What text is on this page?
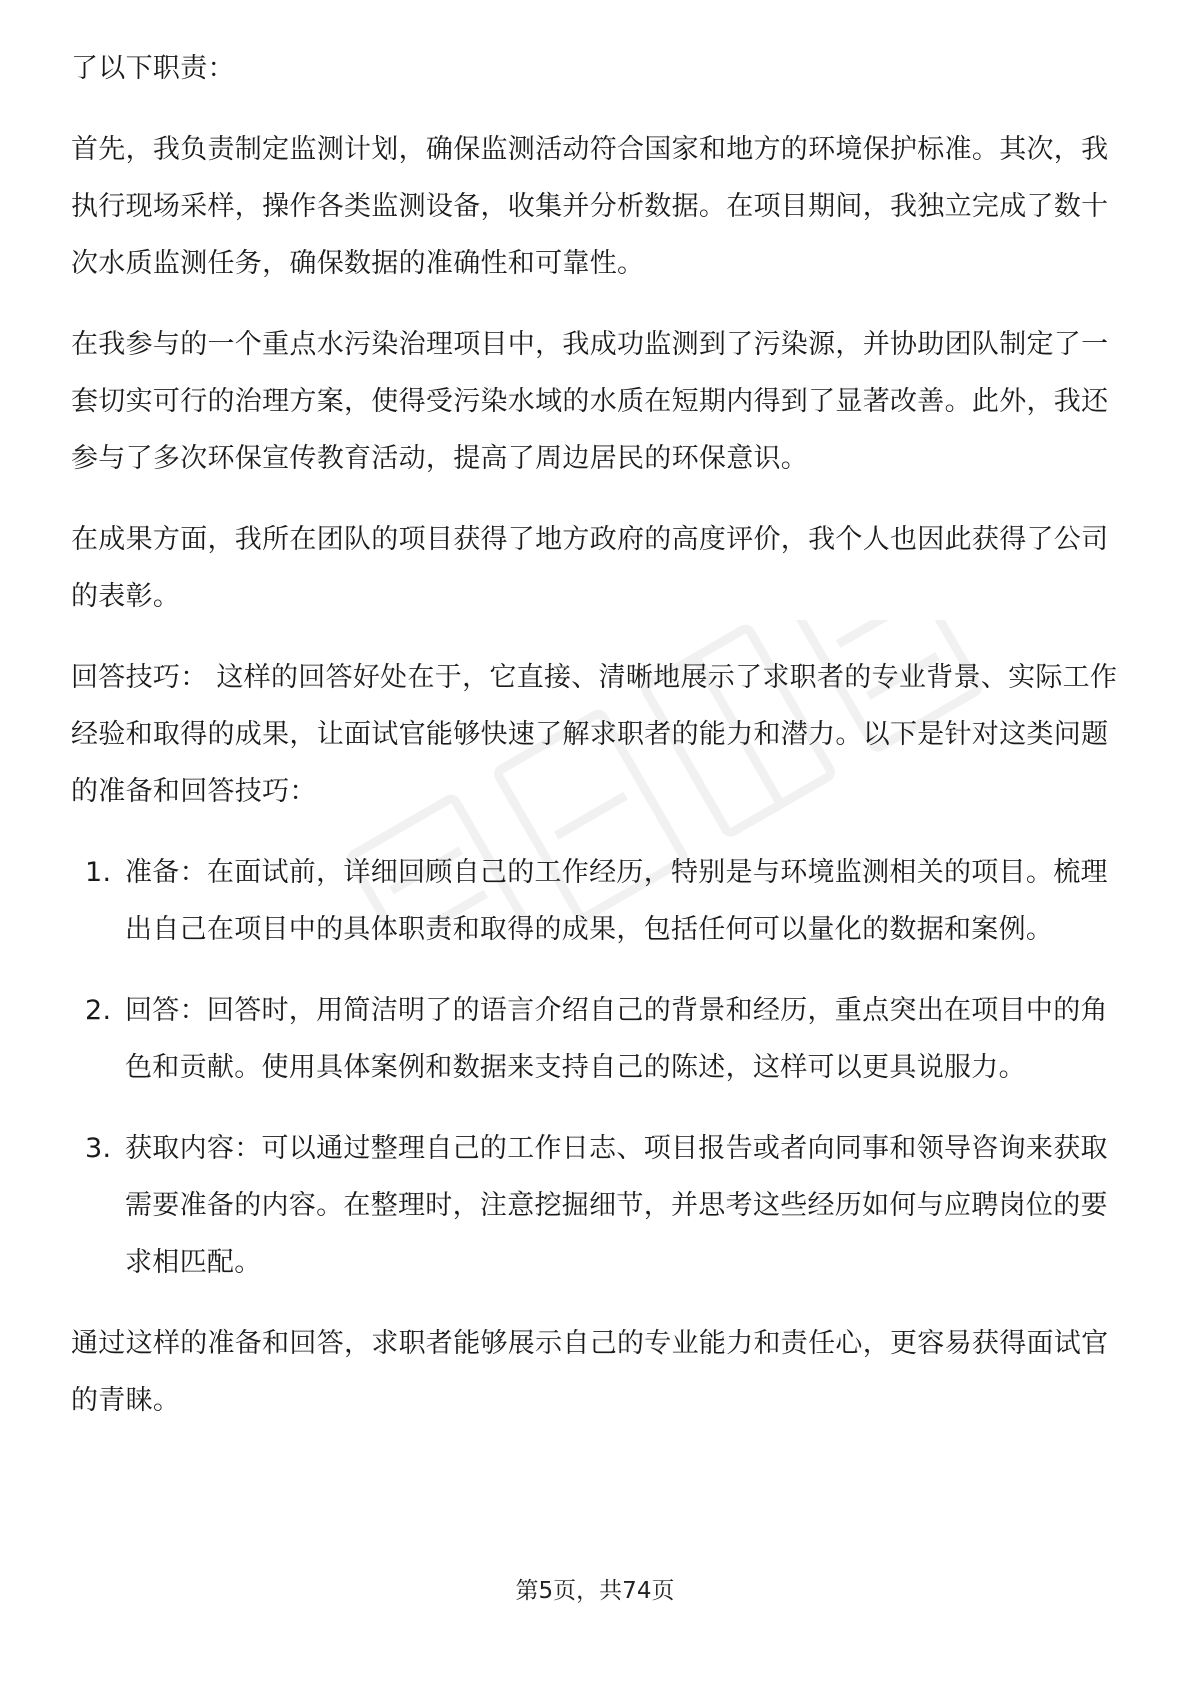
了以下职责：

首先，我负责制定监测计划，确保监测活动符合国家和地方的环境保护标准。其次，我执行现场采样，操作各类监测设备，收集并分析数据。在项目期间，我独立完成了数十次水质监测任务，确保数据的准确性和可靠性。

在我参与的一个重点水污染治理项目中，我成功监测到了污染源，并协助团队制定了一套切实可行的治理方案，使得受污染水域的水质在短期内得到了显著改善。此外，我还参与了多次环保宣传教育活动，提高了周边居民的环保意识。

在成果方面，我所在团队的项目获得了地方政府的高度评价，我个人也因此获得了公司的表彰。

回答技巧： 这样的回答好处在于，它直接、清晰地展示了求职者的专业背景、实际工作经验和取得的成果，让面试官能够快速了解求职者的能力和潜力。以下是针对这类问题的准备和回答技巧：

1. 准备：在面试前，详细回顾自己的工作经历，特别是与环境监测相关的项目。梳理出自己在项目中的具体职责和取得的成果，包括任何可以量化的数据和案例。
2. 回答：回答时，用简洁明了的语言介绍自己的背景和经历，重点突出在项目中的角色和贡献。使用具体案例和数据来支持自己的陈述，这样可以更具说服力。
3. 获取内容：可以通过整理自己的工作日志、项目报告或者向同事和领导咨询来获取需要准备的内容。在整理时，注意挖掘细节，并思考这些经历如何与应聘岗位的要求相匹配。

通过这样的准备和回答，求职者能够展示自己的专业能力和责任心，更容易获得面试官的青睐。

第5页，共74页
